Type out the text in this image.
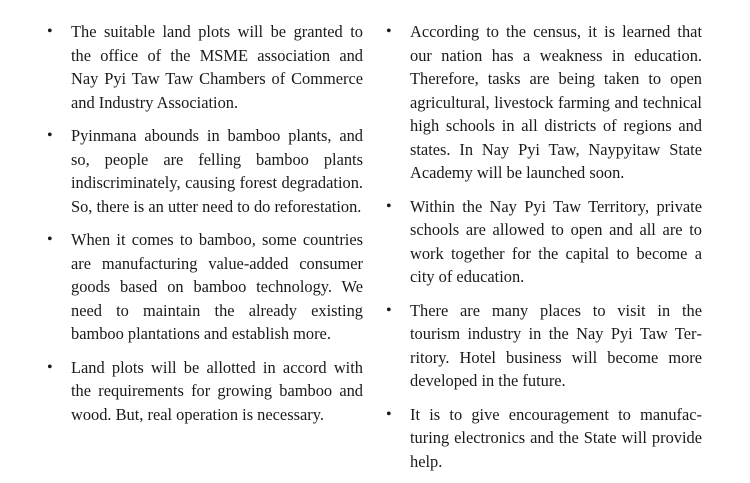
•	The suitable land plots will be granted to the office of the MSME association and Nay Pyi Taw Taw Chambers of Commerce and Industry Association.
•	Pyinmana abounds in bamboo plants, and so, people are felling bamboo plants indiscriminately, causing forest degradation. So, there is an utter need to do reforestation.
•	When it comes to bamboo, some countries are manufacturing value-added consumer goods based on bamboo technology. We need to maintain the already existing bamboo plantations and establish more.
•	Land plots will be allotted in accord with the requirements for growing bamboo and wood. But, real operation is necessary.
•	According to the census, it is learned that our nation has a weakness in education. Therefore, tasks are being taken to open agricultural, livestock farming and technical high schools in all districts of regions and states. In Nay Pyi Taw, Naypyitaw State Academy will be launched soon.
•	Within the Nay Pyi Taw Territory, private schools are allowed to open and all are to work together for the capital to become a city of education.
•	There are many places to visit in the tourism industry in the Nay Pyi Taw Territory. Hotel business will become more developed in the future.
•	It is to give encouragement to manufacturing electronics and the State will provide help.
